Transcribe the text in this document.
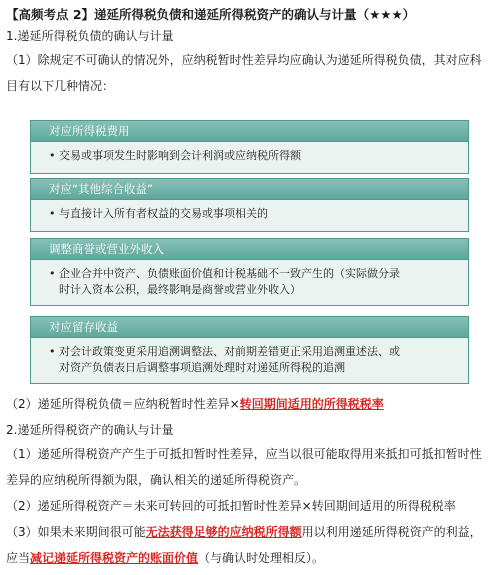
【高频考点 2】递延所得税负债和递延所得税资产的确认与计量（★★★）
1.递延所得税负债的确认与计量
（1）除规定不可确认的情况外，应纳税暂时性差异均应确认为递延所得税负债，其对应科
目有以下几种情况：
对应所得税费用
• 交易或事项发生时影响到会计利润或应纳税所得额
对应“其他综合收益”
• 与直接计入所有者权益的交易或事项相关的
调整商誉或营业外收入
• 企业合并中资产、负债账面价值和计税基础不一致产生的（实际做分录
时计入资本公积，最终影响是商誉或营业外收入）
对应留存收益
• 对会计政策变更采用追溯调整法、对前期差错更正采用追溯重述法、或
对资产负债表日后调整事项追溯处理时对递延所得税的追溯
（2）递延所得税负债＝应纳税暂时性差异×转回期间适用的所得税税率
2.递延所得税资产的确认与计量
（1）递延所得税资产产生于可抵扣暂时性差异，应当以很可能取得用来抵扣可抵扣暂时性
差异的应纳税所得额为限，确认相关的递延所得税资产。
（2）递延所得税资产＝未来可转回的可抵扣暂时性差异×转回期间适用的所得税税率
（3）如果未来期间很可能无法获得足够的应纳税所得额用以利用递延所得税资产的利益，
应当减记递延所得税资产的账面价值（与确认时处理相反）。
